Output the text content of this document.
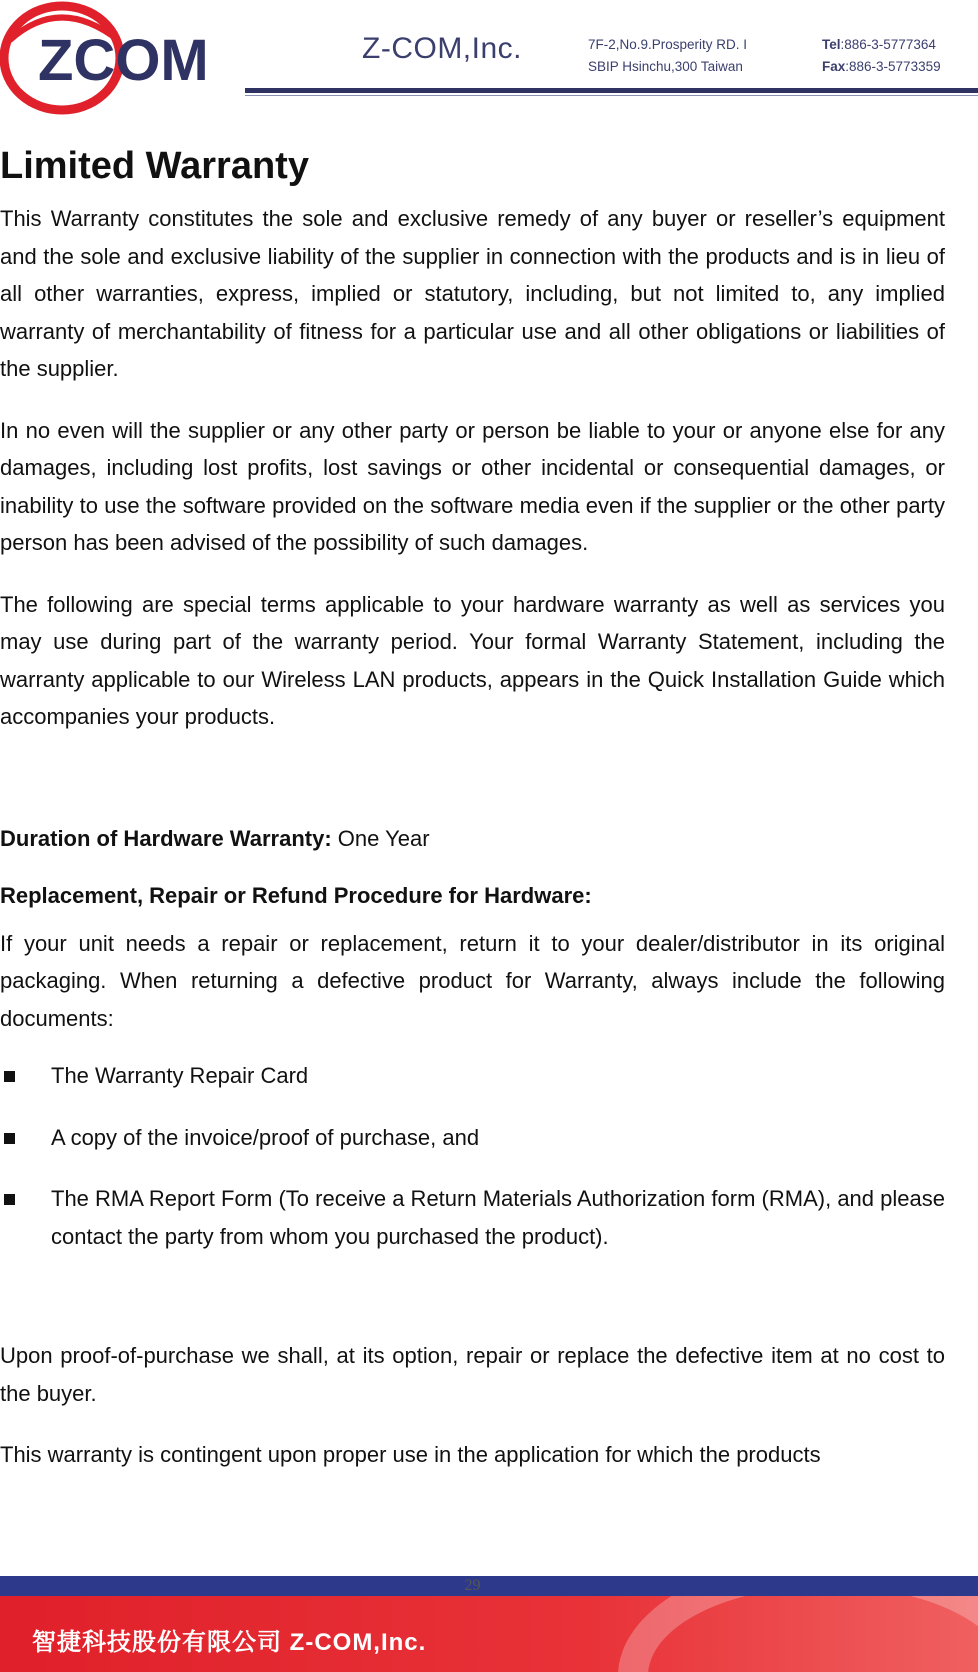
ZCOM	Z-COM,Inc.	7F-2,No.9.Prosperity RD. I
SBIP Hsinchu,300 Taiwan
Tel:886-3-5777364
Fax:886-3-5773359
Limited Warranty

This Warranty constitutes the sole and exclusive remedy of any buyer or reseller’s equipment and the sole and exclusive liability of the supplier in connection with the products and is in lieu of all other warranties, express, implied or statutory, including, but not limited to, any implied warranty of merchantability of fitness for a particular use and all other obligations or liabilities of the supplier.

In no even will the supplier or any other party or person be liable to your or anyone else for any damages, including lost profits, lost savings or other incidental or consequential damages, or inability to use the software provided on the software media even if the supplier or the other party person has been advised of the possibility of such damages.

The following are special terms applicable to your hardware warranty as well as services you may use during part of the warranty period. Your formal Warranty Statement, including the warranty applicable to our Wireless LAN products, appears in the Quick Installation Guide which accompanies your products.

Duration of Hardware Warranty: One Year

Replacement, Repair or Refund Procedure for Hardware:

If your unit needs a repair or replacement, return it to your dealer/distributor in its original packaging. When returning a defective product for Warranty, always include the following documents:

The Warranty Repair Card
A copy of the invoice/proof of purchase, and
The RMA Report Form (To receive a Return Materials Authorization form (RMA), and please contact the party from whom you purchased the product).

Upon proof-of-purchase we shall, at its option, repair or replace the defective item at no cost to the buyer.

This warranty is contingent upon proper use in the application for which the products

29
智捷科技股份有限公司 Z-COM,Inc.
